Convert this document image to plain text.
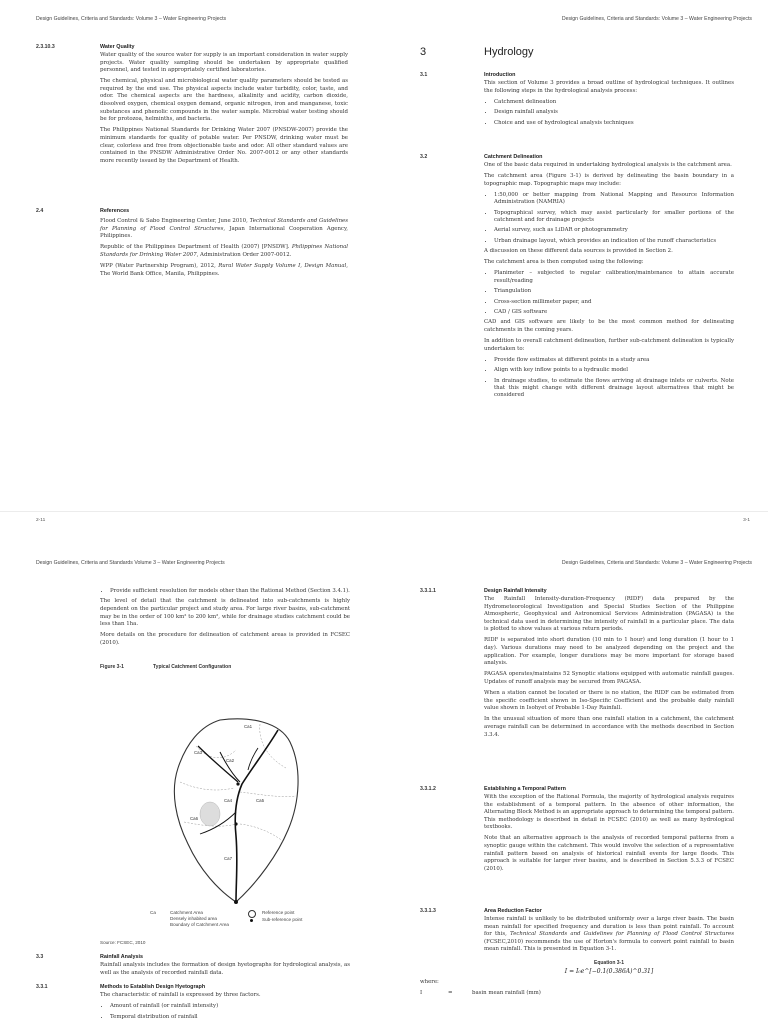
Design Guidelines, Criteria and Standards: Volume 3 – Water Engineering Projects
2.3.10.3	Water Quality

Water quality of the source water for supply is an important consideration in water supply projects. Water quality sampling should be undertaken by appropriate qualified personnel, and tested in appropriately certified laboratories.

The chemical, physical and microbiological water quality parameters should be tested as required by the end use. The physical aspects include water turbidity, color, taste, and odor. The chemical aspects are the hardness, alkalinity and acidity, carbon dioxide, dissolved oxygen, chemical oxygen demand, organic nitrogen, iron and manganese, toxic substances and phenolic compounds in the water sample. Microbial water testing should be for protozoa, helminths, and bacteria.

The Philippines National Standards for Drinking Water 2007 (PNSDW-2007) provide the minimum standards for quality of potable water. Per PNSDW, drinking water must be clear, colorless and free from objectionable taste and odor. All other standard values are contained in the PNSDW Administrative Order No. 2007-0012 or any other standards more recently issued by the Department of Health.

2.4	References

Flood Control & Sabo Engineering Center, June 2010, Technical Standards and Guidelines for Planning of Flood Control Structures, Japan International Cooperation Agency, Philippines.

Republic of the Philippines Department of Health (2007) [PNSDW]. Philippines National Standards for Drinking Water 2007, Administration Order 2007-0012.

WPP (Water Partnership Program), 2012, Rural Water Supply Volume I, Design Manual, The World Bank Office, Manila, Philippines.

2-11
Design Guidelines, Criteria and Standards: Volume 3 – Water Engineering Projects
3	Hydrology
3.1	Introduction

This section of Volume 3 provides a broad outline of hydrological techniques. It outlines the following steps in the hydrological analysis process:

• Catchment delineation
• Design rainfall analysis
• Choice and use of hydrological analysis techniques
3.2	Catchment Delineation

One of the basic data required in undertaking hydrological analysis is the catchment area.

The catchment area (Figure 3-1) is derived by delineating the basin boundary in a topographic map. Topographic maps may include:

• 1:50,000 or better mapping from National Mapping and Resource Information Administration (NAMRIA)
• Topographical survey, which may assist particularly for smaller portions of the catchment and for drainage projects
• Aerial survey, such as LiDAR or photogrammetry
• Urban drainage layout, which provides an indication of the runoff characteristics

A discussion on these different data sources is provided in Section 2.

The catchment area is then computed using the following:

• Planimeter – subjected to regular calibration/maintenance to attain accurate result/reading
• Triangulation
• Cross-section millimeter paper, and
• CAD / GIS software

CAD and GIS software are likely to be the most common method for delineating catchments in the coming years.

In addition to overall catchment delineation, further sub-catchment delineation is typically undertaken to:

• Provide flow estimates at different points in a study area
• Align with key inflow points to a hydraulic model
• In drainage studies, to estimate the flows arriving at drainage inlets or culverts. Note that this might change with different drainage layout alternatives that might be considered
3-1
Design Guidelines, Criteria and Standards Volume 3 – Water Engineering Projects
• Provide sufficient resolution for models other than the Rational Method (Section 3.4.1).

The level of detail that the catchment is delineated into sub-catchments is highly dependent on the particular project and study area. For large river basins, sub-catchment may be in the order of 100 km² to 200 km², while for drainage studies catchment could be less than 1ha.

More details on the procedure for delineation of catchment areas is provided in FCSEC (2010).

Figure 3-1	Typical Catchment Configuration
Ca1
Ca2
Ca3
Ca4	Ca5
Ca6
Ca7
Ca	Catchment Area
Densely inhabited area
Boundary of Catchment Area
Reference point
Sub-reference point
Source: FCSEC, 2010
3.3	Rainfall Analysis

Rainfall analysis includes the formation of design hyetographs for hydrological analysis, as well as the analysis of recorded rainfall data.

3.3.1	Methods to Establish Design Hyetograph

The characteristic of rainfall is expressed by three factors.

• Amount of rainfall (or rainfall intensity)
• Temporal distribution of rainfall
Design Guidelines, Criteria and Standards: Volume 3 – Water Engineering Projects
3.3.1.1	Design Rainfall Intensity

The Rainfall Intensity-duration-Frequency (RIDF) data prepared by the Hydrometeorological Investigation and Special Studies Section of the Philippine Atmospheric, Geophysical and Astronomical Services Administration (PAGASA) is the technical data used in determining the intensity of rainfall in a particular place. The data is plotted to show values at various return periods.

RIDF is separated into short duration (10 min to 1 hour) and long duration (1 hour to 1 day). Various durations may need to be analyzed depending on the project and the application. For example, longer durations may be more important for storage based analysis.

PAGASA operates/maintains 52 Synoptic stations equipped with automatic rainfall gauges. Updates of runoff analysis may be secured from PAGASA.

When a station cannot be located or there is no station, the RIDF can be estimated from the specific coefficient shown in Iso-Specific Coefficient and the probable daily rainfall value shown in Isohyet of Probable 1-Day Rainfall.

In the unusual situation of more than one rainfall station in a catchment, the catchment average rainfall can be determined in accordance with the methods described in Section 3.3.4.

3.3.1.2	Establishing a Temporal Pattern

With the exception of the Rational Formula, the majority of hydrological analysis requires the establishment of a temporal pattern. In the absence of other information, the Alternating Block Method is an appropriate approach to determining the temporal pattern. This methodology is described in detail in FCSEC (2010) as well as many hydrological textbooks.

Note that an alternative approach is the analysis of recorded temporal patterns from a synoptic gauge within the catchment. This would involve the selection of a representative rainfall pattern based on analysis of historical rainfall events for large floods. This approach is suitable for larger river basins, and is described in Section 5.3.3 of FCSEC (2010).

3.3.1.3	Area Reduction Factor

Intense rainfall is unlikely to be distributed uniformly over a large river basin. The basin mean rainfall for specified frequency and duration is less than point rainfall. To account for this, Technical Standards and Guidelines for Planning of Flood Control Structures (FCSEC,2010) recommends the use of Horton's formula to convert point rainfall to basin mean rainfall. This is presented in Equation 3-1.

Equation 3-1
I = I₀e^[−0.1(0.386A)^0.31]
where:
I	=	basin mean rainfall (mm)
